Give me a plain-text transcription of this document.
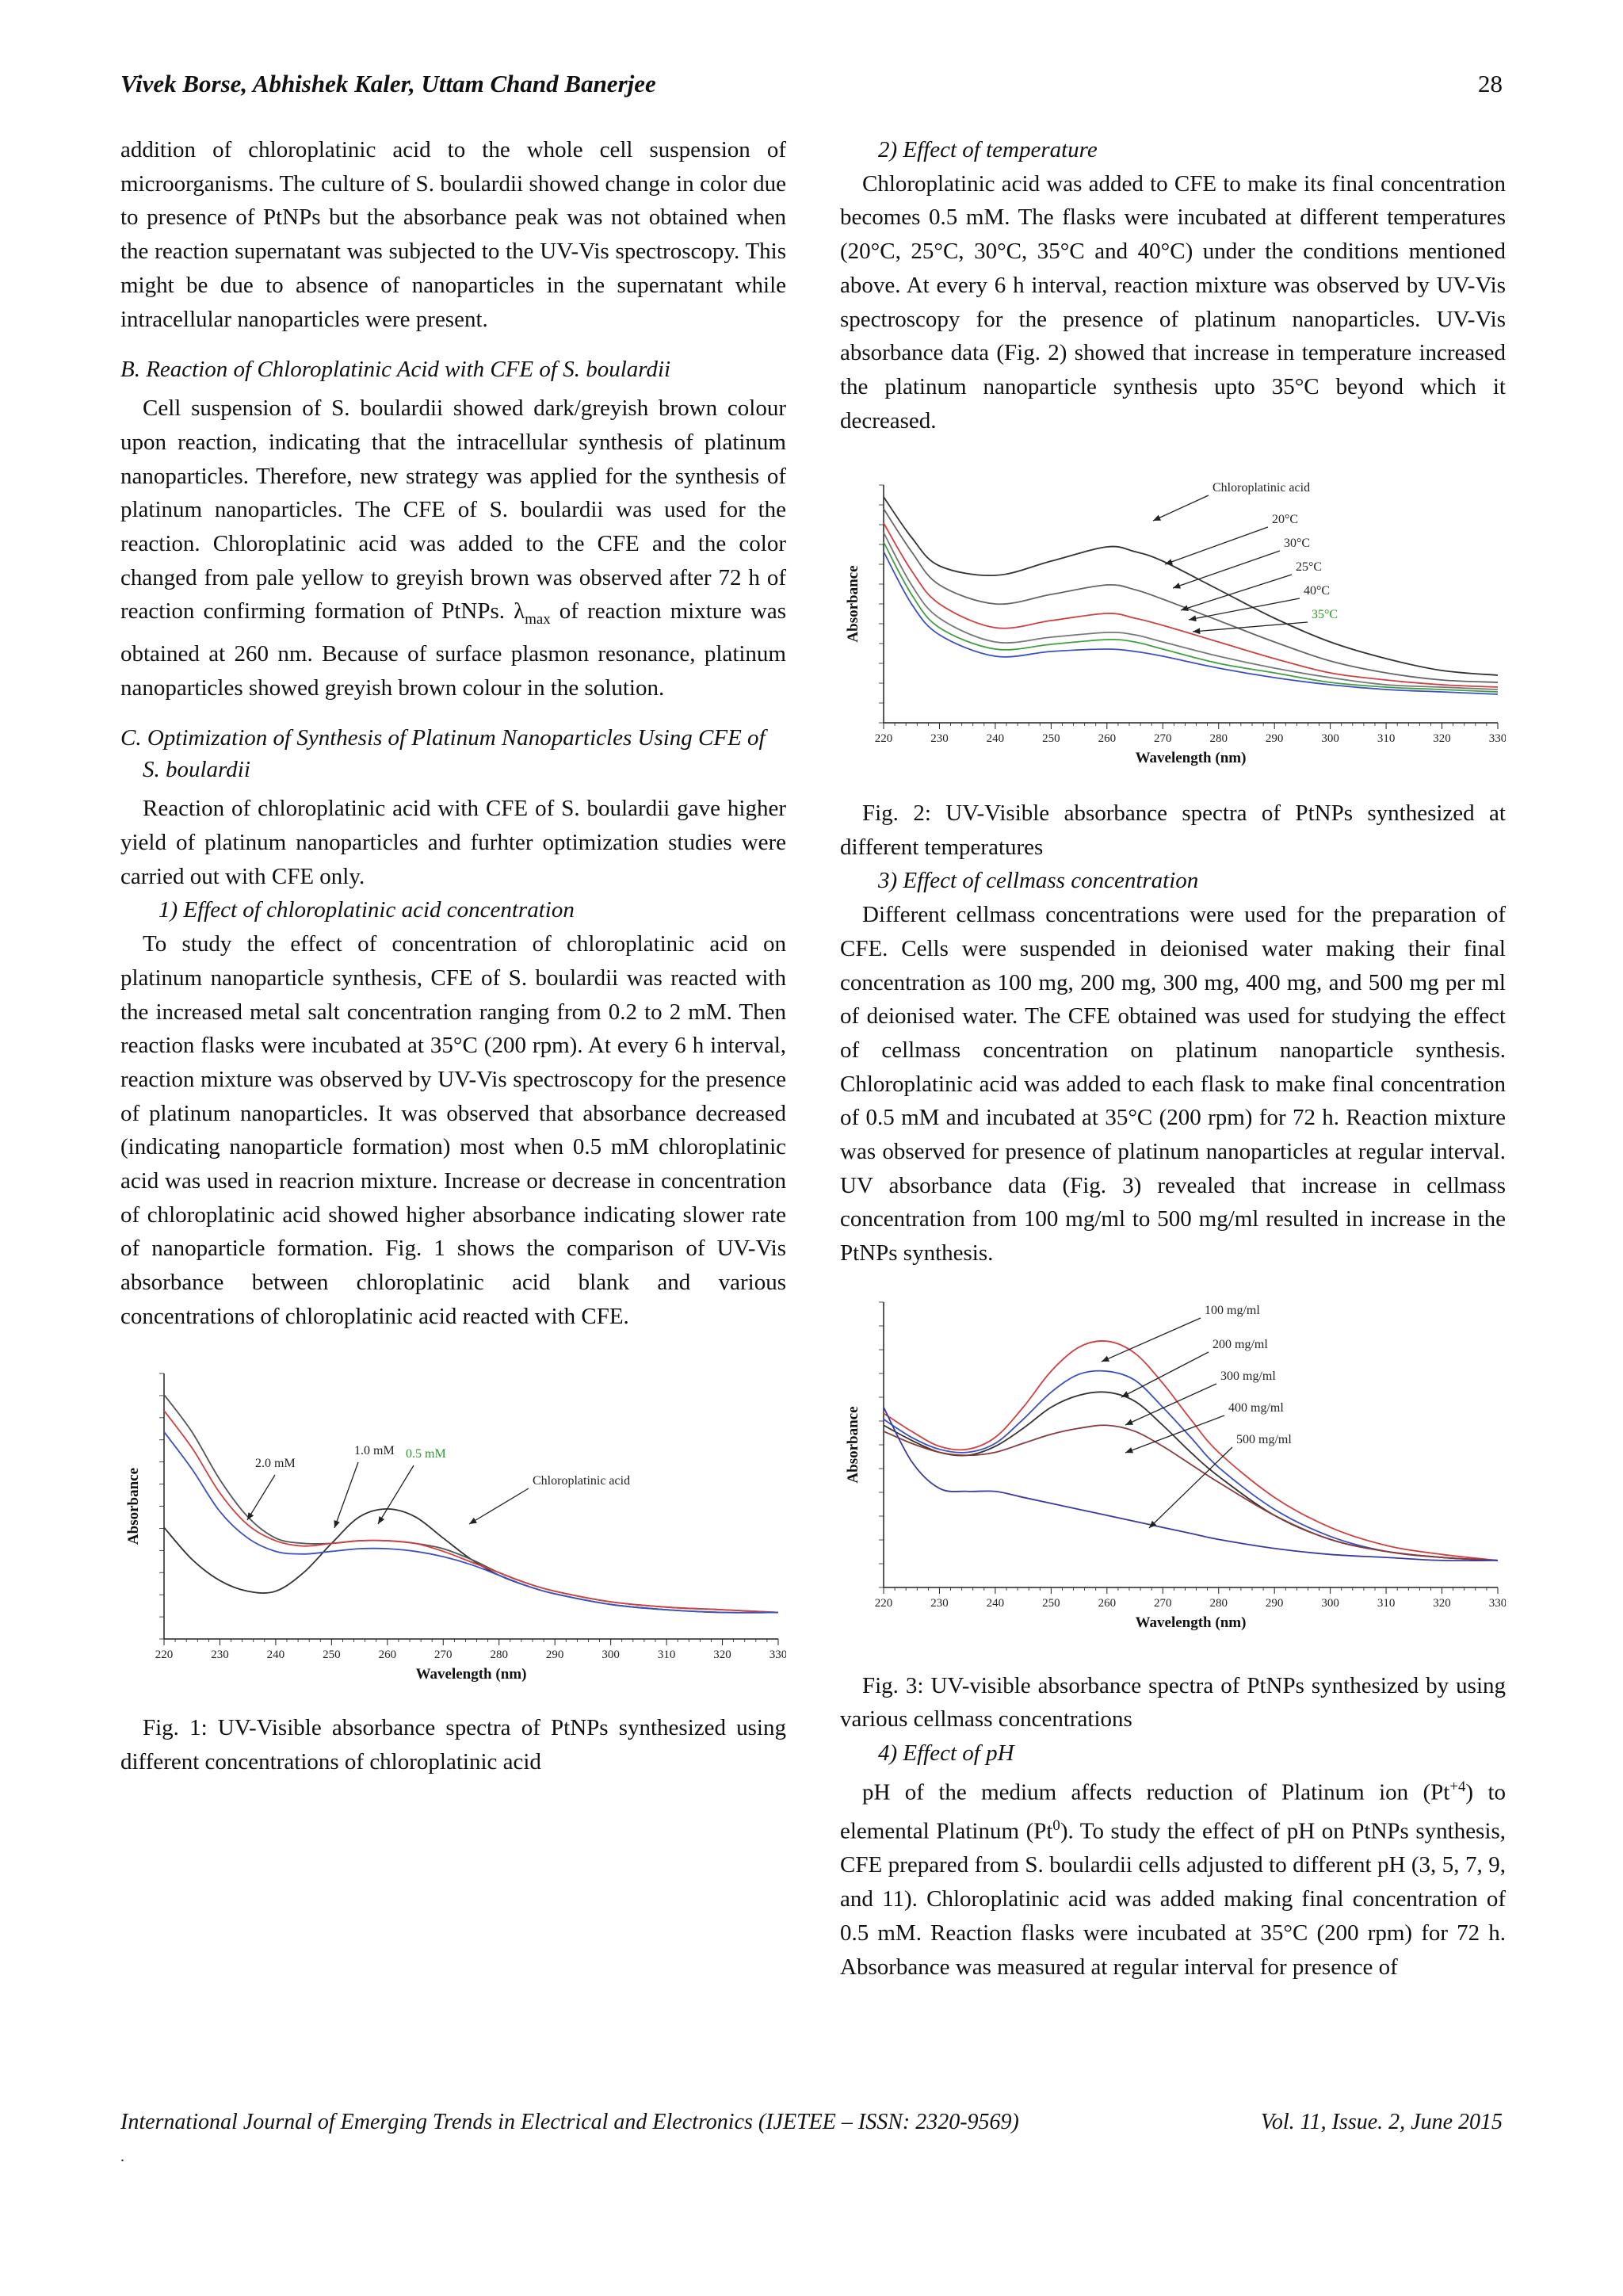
Vivek Borse, Abhishek Kaler, Uttam Chand Banerjee	28

addition of chloroplatinic acid to the whole cell suspension of microorganisms. The culture of S. boulardii showed change in color due to presence of PtNPs but the absorbance peak was not obtained when the reaction supernatant was subjected to the UV-Vis spectroscopy. This might be due to absence of nanoparticles in the supernatant while intracellular nanoparticles were present.

B. Reaction of Chloroplatinic Acid with CFE of S. boulardii

Cell suspension of S. boulardii showed dark/greyish brown colour upon reaction, indicating that the intracellular synthesis of platinum nanoparticles. Therefore, new strategy was applied for the synthesis of platinum nanoparticles. The CFE of S. boulardii was used for the reaction. Chloroplatinic acid was added to the CFE and the color changed from pale yellow to greyish brown was observed after 72 h of reaction confirming formation of PtNPs. $\lambda_{max}$ of reaction mixture was obtained at 260 nm. Because of surface plasmon resonance, platinum nanoparticles showed greyish brown colour in the solution.

C. Optimization of Synthesis of Platinum Nanoparticles Using CFE of S. boulardii

Reaction of chloroplatinic acid with CFE of S. boulardii gave higher yield of platinum nanoparticles and furhter optimization studies were carried out with CFE only.

1) Effect of chloroplatinic acid concentration

To study the effect of concentration of chloroplatinic acid on platinum nanoparticle synthesis, CFE of S. boulardii was reacted with the increased metal salt concentration ranging from 0.2 to 2 mM. Then reaction flasks were incubated at 35°C (200 rpm). At every 6 h interval, reaction mixture was observed by UV-Vis spectroscopy for the presence of platinum nanoparticles. It was observed that absorbance decreased (indicating nanoparticle formation) most when 0.5 mM chloroplatinic acid was used in reacrion mixture. Increase or decrease in concentration of chloroplatinic acid showed higher absorbance indicating slower rate of nanoparticle formation. Fig. 1 shows the comparison of UV-Vis absorbance between chloroplatinic acid blank and various concentrations of chloroplatinic acid reacted with CFE.

220	230	240	250	260	270	280	290	300	310	320	330
Wavelength (nm)
Absorbance
2.0 mM
1.0 mM 0.5 mM
Chloroplatinic acid

Fig. 1: UV-Visible absorbance spectra of PtNPs synthesized using different concentrations of chloroplatinic acid

2) Effect of temperature

Chloroplatinic acid was added to CFE to make its final concentration becomes 0.5 mM. The flasks were incubated at different temperatures (20°C, 25°C, 30°C, 35°C and 40°C) under the conditions mentioned above. At every 6 h interval, reaction mixture was observed by UV-Vis spectroscopy for the presence of platinum nanoparticles. UV-Vis absorbance data (Fig. 2) showed that increase in temperature increased the platinum nanoparticle synthesis upto 35°C beyond which it decreased.

220	230	240	250	260	270	280	290	300	310	320	330
Wavelength (nm)
Absorbance
Chloroplatinic acid
20°C
30°C
25°C
40°C
35°C

Fig. 2: UV-Visible absorbance spectra of PtNPs synthesized at different temperatures

3) Effect of cellmass concentration

Different cellmass concentrations were used for the preparation of CFE. Cells were suspended in deionised water making their final concentration as 100 mg, 200 mg, 300 mg, 400 mg, and 500 mg per ml of deionised water. The CFE obtained was used for studying the effect of cellmass concentration on platinum nanoparticle synthesis. Chloroplatinic acid was added to each flask to make final concentration of 0.5 mM and incubated at 35°C (200 rpm) for 72 h. Reaction mixture was observed for presence of platinum nanoparticles at regular interval. UV absorbance data (Fig. 3) revealed that increase in cellmass concentration from 100 mg/ml to 500 mg/ml resulted in increase in the PtNPs synthesis.

220	230	240	250	260	270	280	290	300	310	320	330
Wavelength (nm)
Absorbance
100 mg/ml
200 mg/ml
300 mg/ml
400 mg/ml
500 mg/ml

Fig. 3: UV-visible absorbance spectra of PtNPs synthesized by using various cellmass concentrations

4) Effect of pH

pH of the medium affects reduction of Platinum ion $(Pt^{+4})$ to elemental Platinum (Pt$^0$). To study the effect of pH on PtNPs synthesis, CFE prepared from S. boulardii cells adjusted to different pH (3, 5, 7, 9, and 11). Chloroplatinic acid was added making final concentration of 0.5 mM. Reaction flasks were incubated at 35°C (200 rpm) for 72 h. Absorbance was measured at regular interval for presence of

International Journal of Emerging Trends in Electrical and Electronics (IJETEE – ISSN: 2320-9569)	Vol. 11, Issue. 2, June 2015
.
